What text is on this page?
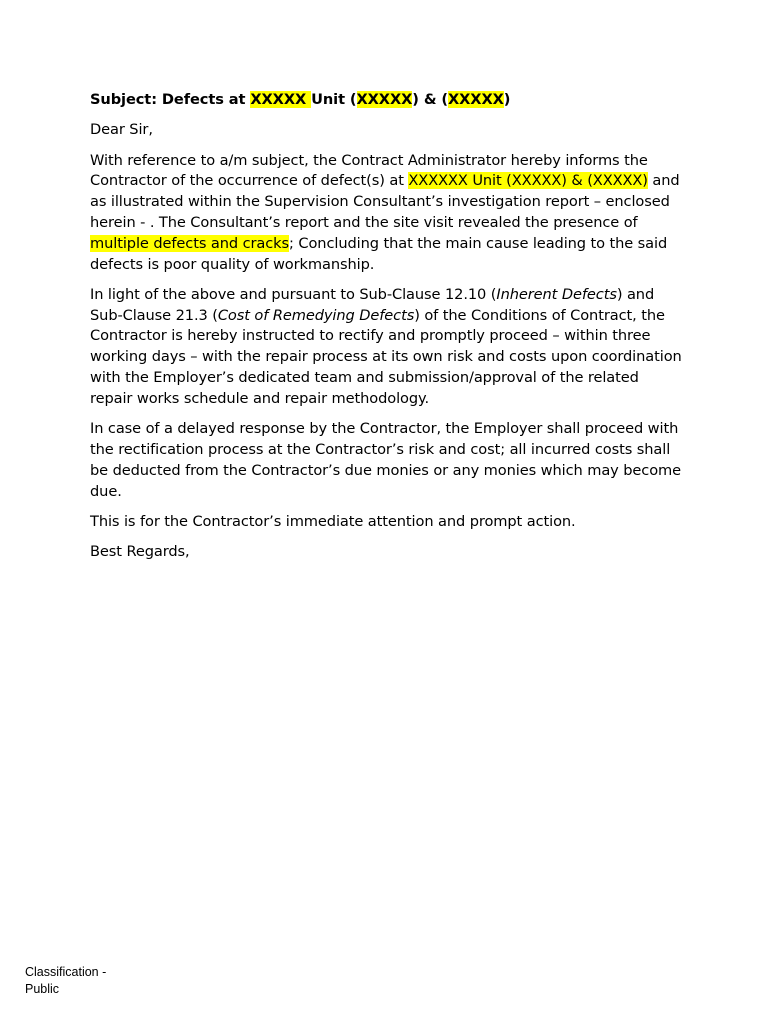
Subject: Defects at XXXXX Unit (XXXXX) & (XXXXX)

Dear Sir,

With reference to a/m subject, the Contract Administrator hereby informs the Contractor of the occurrence of defect(s) at XXXXXX Unit (XXXXX) & (XXXXX) and as illustrated within the Supervision Consultant’s investigation report – enclosed herein - . The Consultant’s report and the site visit revealed the presence of multiple defects and cracks; Concluding that the main cause leading to the said defects is poor quality of workmanship.

In light of the above and pursuant to Sub-Clause 12.10 (Inherent Defects) and Sub-Clause 21.3 (Cost of Remedying Defects) of the Conditions of Contract, the Contractor is hereby instructed to rectify and promptly proceed – within three working days – with the repair process at its own risk and costs upon coordination with the Employer’s dedicated team and submission/approval of the related repair works schedule and repair methodology.

In case of a delayed response by the Contractor, the Employer shall proceed with the rectification process at the Contractor’s risk and cost; all incurred costs shall be deducted from the Contractor’s due monies or any monies which may become due.

This is for the Contractor’s immediate attention and prompt action.

Best Regards,

Classification -
Public
